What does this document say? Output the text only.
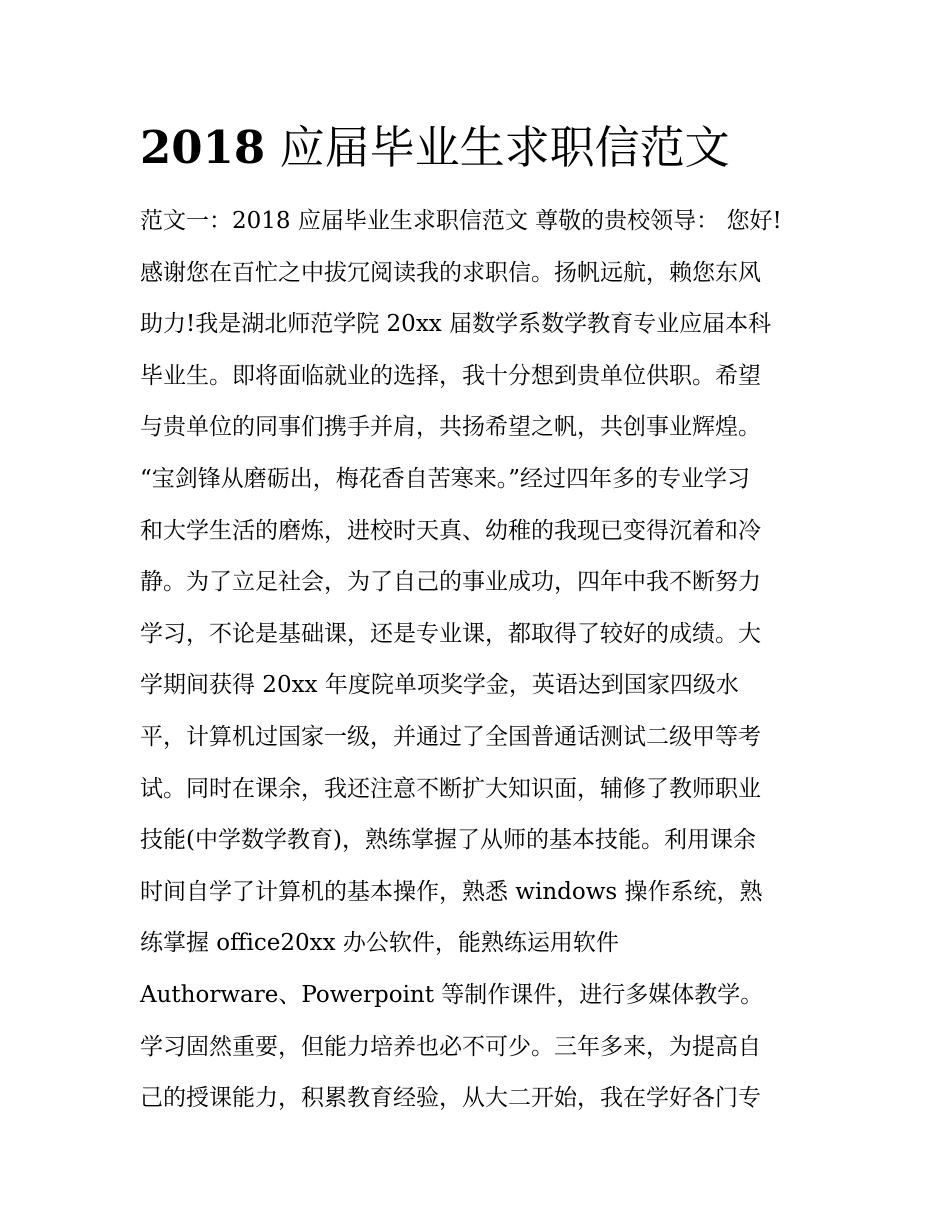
2018 应届毕业生求职信范文
范文一：2018 应届毕业生求职信范文 尊敬的贵校领导： 您好!
感谢您在百忙之中拔冗阅读我的求职信。扬帆远航，赖您东风
助力!我是湖北师范学院 20xx 届数学系数学教育专业应届本科
毕业生。即将面临就业的选择，我十分想到贵单位供职。希望
与贵单位的同事们携手并肩，共扬希望之帆，共创事业辉煌。
“宝剑锋从磨砺出，梅花香自苦寒来。”经过四年多的专业学习
和大学生活的磨炼，进校时天真、幼稚的我现已变得沉着和冷
静。为了立足社会，为了自己的事业成功，四年中我不断努力
学习，不论是基础课，还是专业课，都取得了较好的成绩。大
学期间获得 20xx 年度院单项奖学金，英语达到国家四级水
平，计算机过国家一级，并通过了全国普通话测试二级甲等考
试。同时在课余，我还注意不断扩大知识面，辅修了教师职业
技能(中学数学教育)，熟练掌握了从师的基本技能。利用课余
时间自学了计算机的基本操作，熟悉 windows 操作系统，熟
练掌握 office20xx 办公软件，能熟练运用软件
Authorware、Powerpoint 等制作课件，进行多媒体教学。
学习固然重要，但能力培养也必不可少。三年多来，为提高自
己的授课能力，积累教育经验，从大二开始，我在学好各门专
